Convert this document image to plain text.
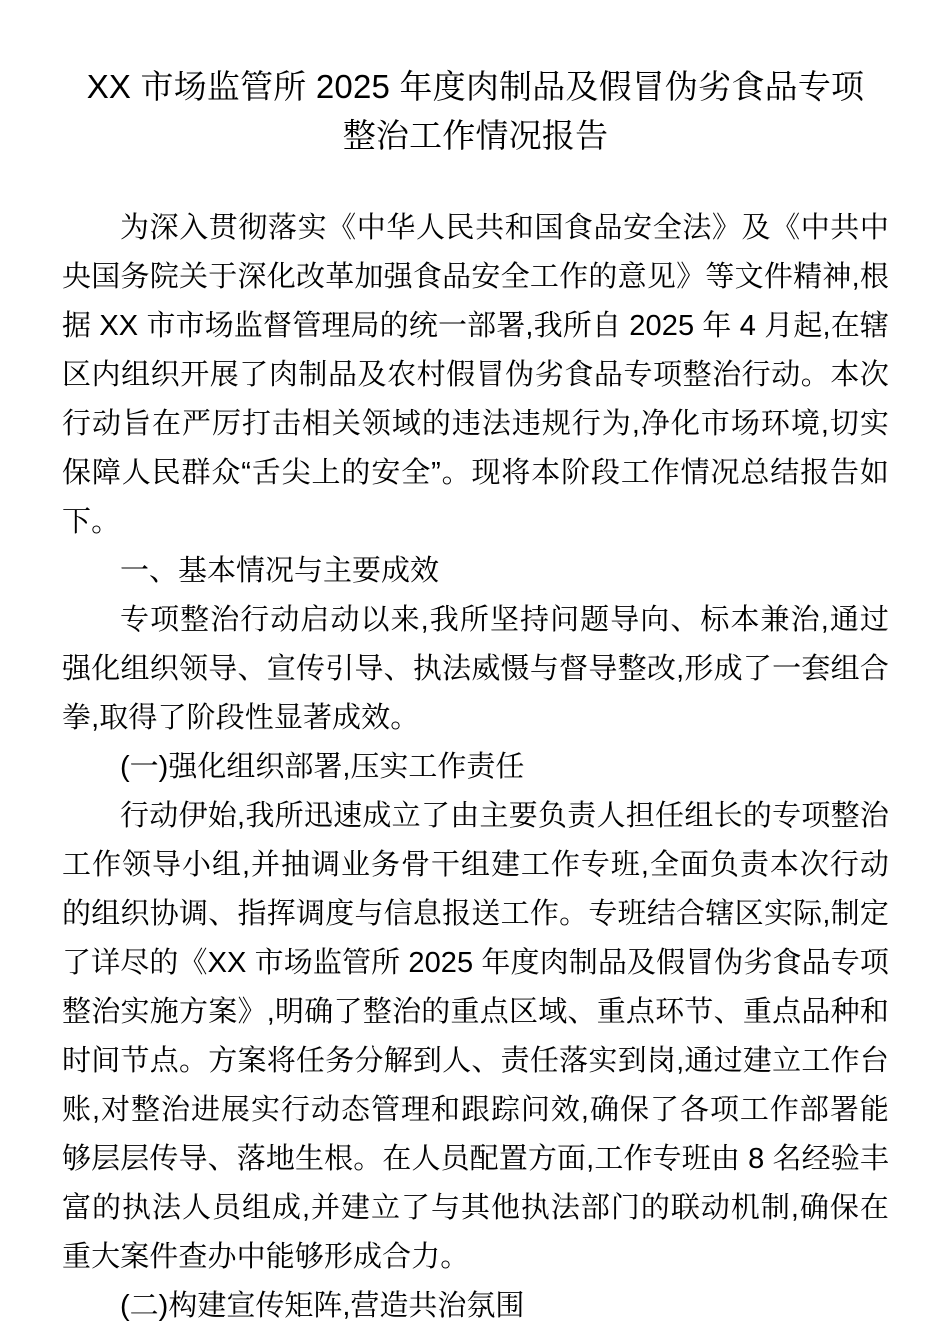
XX 市场监管所 2025 年度肉制品及假冒伪劣食品专项
整治工作情况报告

为深入贯彻落实《中华人民共和国食品安全法》及《中共中央国务院关于深化改革加强食品安全工作的意见》等文件精神,根据 XX 市市场监督管理局的统一部署,我所自 2025 年 4 月起,在辖区内组织开展了肉制品及农村假冒伪劣食品专项整治行动。本次行动旨在严厉打击相关领域的违法违规行为,净化市场环境,切实保障人民群众“舌尖上的安全”。现将本阶段工作情况总结报告如下。

一、基本情况与主要成效

专项整治行动启动以来,我所坚持问题导向、标本兼治,通过强化组织领导、宣传引导、执法威慑与督导整改,形成了一套组合拳,取得了阶段性显著成效。

(一)强化组织部署,压实工作责任

行动伊始,我所迅速成立了由主要负责人担任组长的专项整治工作领导小组,并抽调业务骨干组建工作专班,全面负责本次行动的组织协调、指挥调度与信息报送工作。专班结合辖区实际,制定了详尽的《XX 市场监管所 2025 年度肉制品及假冒伪劣食品专项整治实施方案》,明确了整治的重点区域、重点环节、重点品种和时间节点。方案将任务分解到人、责任落实到岗,通过建立工作台账,对整治进展实行动态管理和跟踪问效,确保了各项工作部署能够层层传导、落地生根。在人员配置方面,工作专班由 8 名经验丰富的执法人员组成,并建立了与其他执法部门的联动机制,确保在重大案件查办中能够形成合力。

(二)构建宣传矩阵,营造共治氛围
